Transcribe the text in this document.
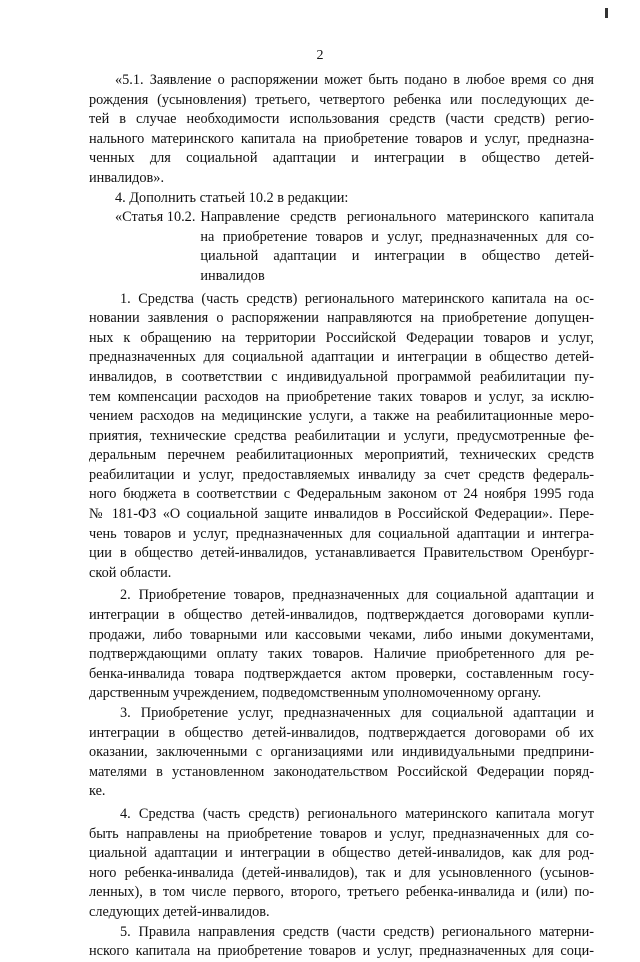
2
«5.1. Заявление о распоряжении может быть подано в любое время со дня
рождения (усыновления) третьего, четвертого ребенка или последующих де-
тей в случае необходимости использования средств (части средств) регио-
нального материнского капитала на приобретение товаров и услуг, предназна-
ченных для социальной адаптации и интеграции в общество детей-
инвалидов».
4. Дополнить статьей 10.2 в редакции:
«Статья 10.2. Направление средств регионального материнского капитала
на приобретение товаров и услуг, предназначенных для со-
циальной адаптации и интеграции в общество детей-
инвалидов
1. Средства (часть средств) регионального материнского капитала на ос-
новании заявления о распоряжении направляются на приобретение допущен-
ных к обращению на территории Российской Федерации товаров и услуг,
предназначенных для социальной адаптации и интеграции в общество детей-
инвалидов, в соответствии с индивидуальной программой реабилитации пу-
тем компенсации расходов на приобретение таких товаров и услуг, за исклю-
чением расходов на медицинские услуги, а также на реабилитационные меро-
приятия, технические средства реабилитации и услуги, предусмотренные фе-
деральным перечнем реабилитационных мероприятий, технических средств
реабилитации и услуг, предоставляемых инвалиду за счет средств федераль-
ного бюджета в соответствии с Федеральным законом от 24 ноября 1995 года
№ 181-ФЗ «О социальной защите инвалидов в Российской Федерации». Пере-
чень товаров и услуг, предназначенных для социальной адаптации и интегра-
ции в общество детей-инвалидов, устанавливается Правительством Оренбург-
ской области.
2. Приобретение товаров, предназначенных для социальной адаптации и
интеграции в общество детей-инвалидов, подтверждается договорами купли-
продажи, либо товарными или кассовыми чеками, либо иными документами,
подтверждающими оплату таких товаров. Наличие приобретенного для ре-
бенка-инвалида товара подтверждается актом проверки, составленным госу-
дарственным учреждением, подведомственным уполномоченному органу.
3. Приобретение услуг, предназначенных для социальной адаптации и
интеграции в общество детей-инвалидов, подтверждается договорами об их
оказании, заключенными с организациями или индивидуальными предприни-
мателями в установленном законодательством Российской Федерации поряд-
ке.
4. Средства (часть средств) регионального материнского капитала могут
быть направлены на приобретение товаров и услуг, предназначенных для со-
циальной адаптации и интеграции в общество детей-инвалидов, как для род-
ного ребенка-инвалида (детей-инвалидов), так и для усыновленного (усынов-
ленных), в том числе первого, второго, третьего ребенка-инвалида и (или) по-
следующих детей-инвалидов.
5. Правила направления средств (части средств) регионального матерни-
нского капитала на приобретение товаров и услуг, предназначенных для соци-
